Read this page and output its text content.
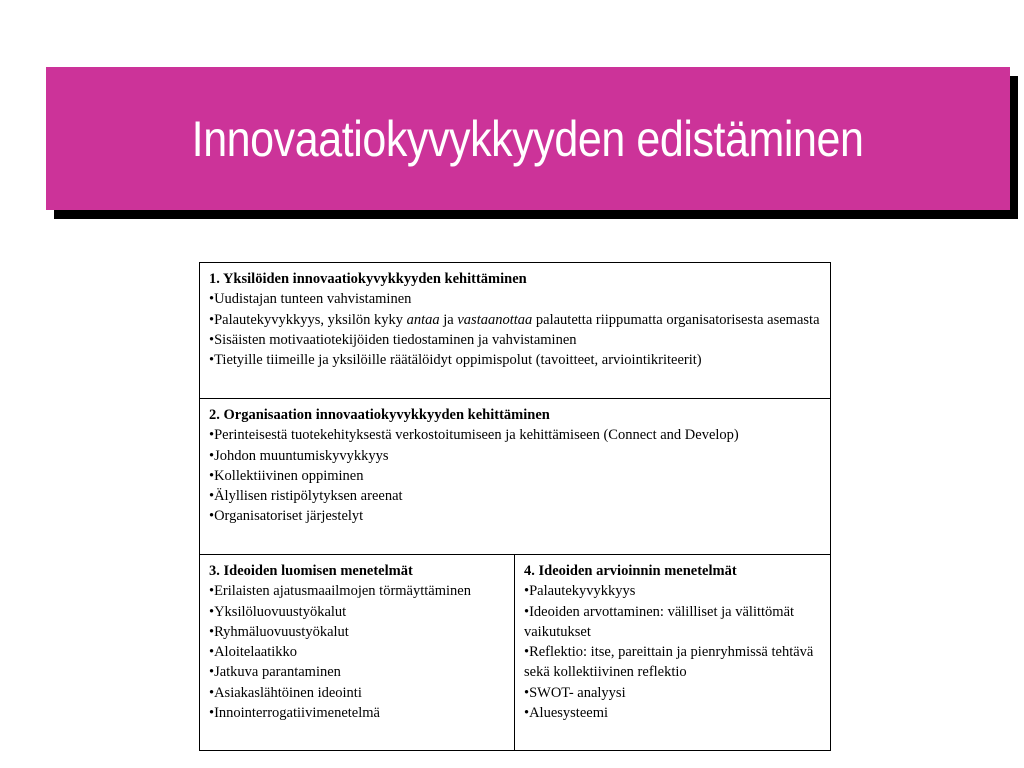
Innovaatiokyvykkyyden edistäminen
1. Yksilöiden innovaatiokyvykkyyden kehittäminen
•Uudistajan tunteen vahvistaminen
•Palautekyvykkyys, yksilön kyky antaa ja vastaanottaa palautetta riippumatta organisatorisesta asemasta
•Sisäisten motivaatiotekijöiden tiedostaminen ja vahvistaminen
•Tietyille tiimeille ja yksilöille räätälöidyt oppimispolut (tavoitteet, arviointikriteerit)

2. Organisaation innovaatiokyvykkyyden kehittäminen
•Perinteisestä tuotekehityksestä verkostoitumiseen ja kehittämiseen (Connect and Develop)
•Johdon muuntumiskyvykkyys
•Kollektiivinen oppiminen
•Älyllisen ristipölytyksen areenat
•Organisatoriset järjestelyt

3. Ideoiden luomisen menetelmät
•Erilaisten ajatusmaailmojen törmäyttäminen
•Yksilöluovuustyökalut
•Ryhmäluovuustyökalut
•Aloitelaatikko
•Jatkuva parantaminen
•Asiakaslähtöinen ideointi
•Innointerrogatiivimenetelmä

4. Ideoiden arvioinnin menetelmät
•Palautekyvykkyys
•Ideoiden arvottaminen: välilliset ja välittömät vaikutukset
•Reflektio: itse, pareittain ja pienryhmissä tehtävä sekä kollektiivinen reflektio
•SWOT- analyysi
•Aluesysteemi
